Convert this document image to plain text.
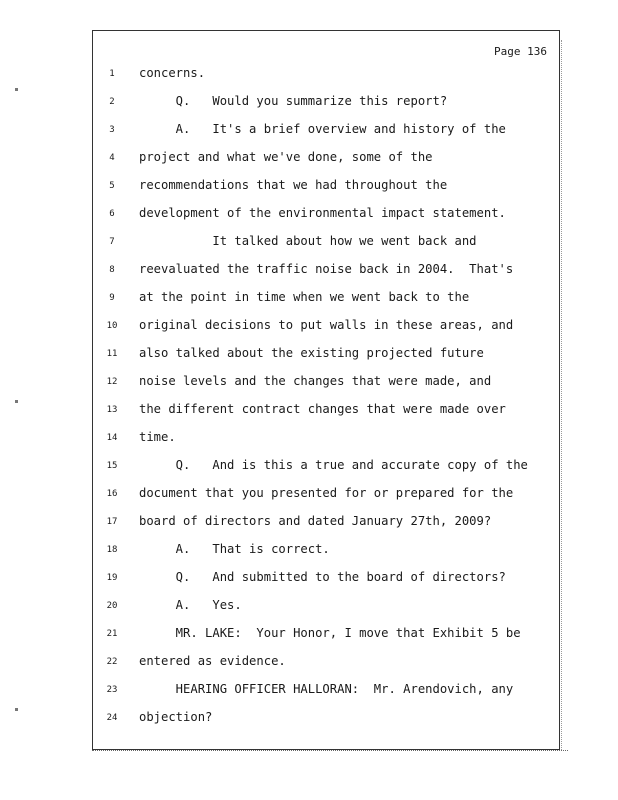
Page 136
1	concerns.
2	Q.   Would you summarize this report?
3	A.   It's a brief overview and history of the
4	project and what we've done, some of the
5	recommendations that we had throughout the
6	development of the environmental impact statement.
7	It talked about how we went back and
8	reevaluated the traffic noise back in 2004.  That's
9	at the point in time when we went back to the
10 original decisions to put walls in these areas, and
11 also talked about the existing projected future
12 noise levels and the changes that were made, and
13 the different contract changes that were made over
14 time.
15 Q.   And is this a true and accurate copy of the
16 document that you presented for or prepared for the
17 board of directors and dated January 27th, 2009?
18 A.   That is correct.
19 Q.   And submitted to the board of directors?
20 A.   Yes.
21 MR. LAKE:  Your Honor, I move that Exhibit 5 be
22 entered as evidence.
23 HEARING OFFICER HALLORAN:  Mr. Arendovich, any
24 objection?
